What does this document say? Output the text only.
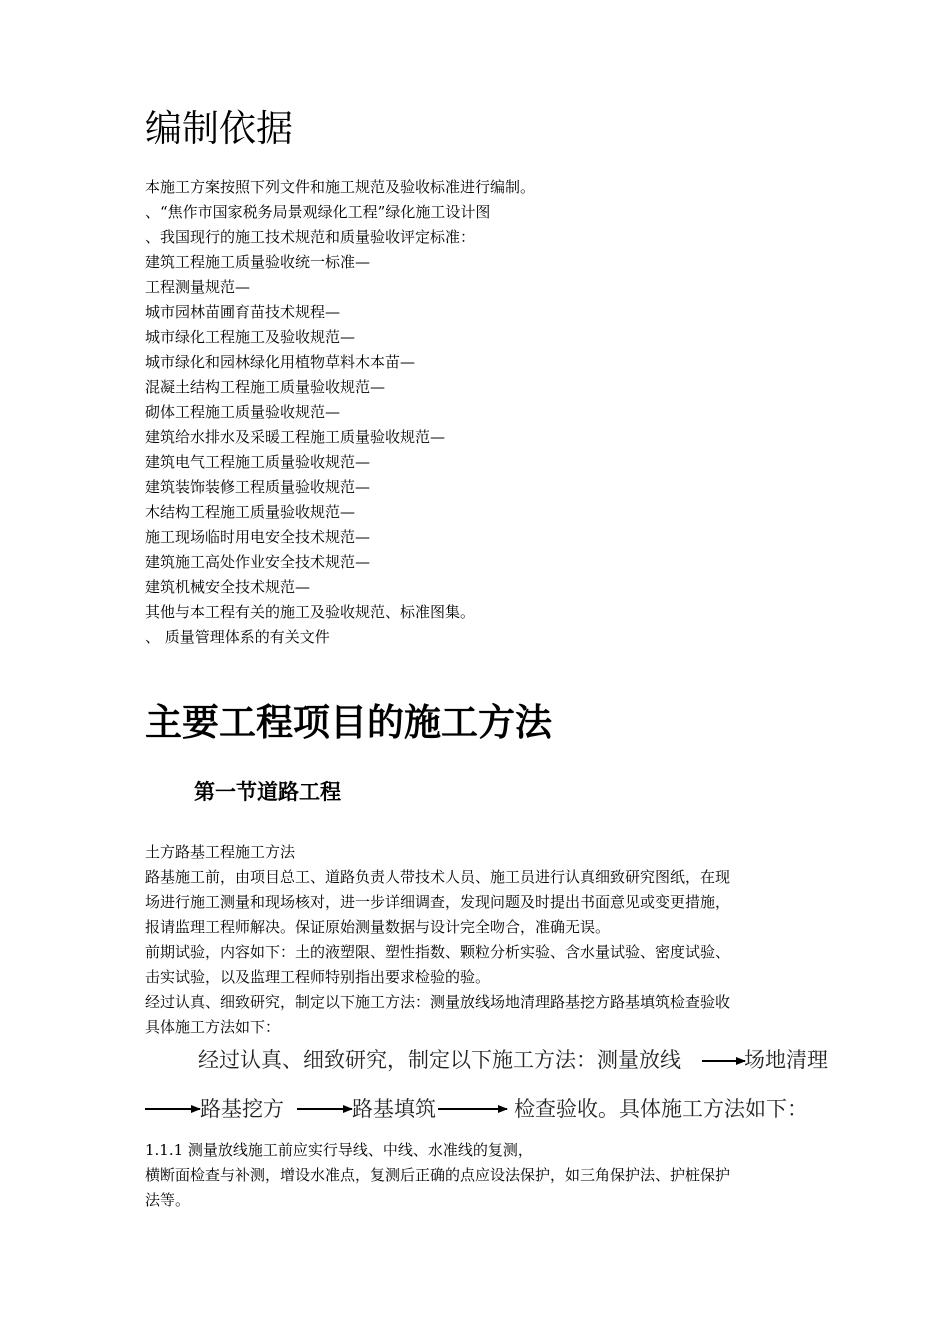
编制依据
本施工方案按照下列文件和施工规范及验收标准进行编制。
、“焦作市国家税务局景观绿化工程”绿化施工设计图
、我国现行的施工技术规范和质量验收评定标准：
建筑工程施工质量验收统一标准—
工程测量规范—
城市园林苗圃育苗技术规程—
城市绿化工程施工及验收规范—
城市绿化和园林绿化用植物草料木本苗—
混凝土结构工程施工质量验收规范—
砌体工程施工质量验收规范—
建筑给水排水及采暖工程施工质量验收规范—
建筑电气工程施工质量验收规范—
建筑装饰装修工程质量验收规范—
木结构工程施工质量验收规范—
施工现场临时用电安全技术规范—
建筑施工高处作业安全技术规范—
建筑机械安全技术规范—
其他与本工程有关的施工及验收规范、标准图集。
、 质量管理体系的有关文件
主要工程项目的施工方法
第一节道路工程
土方路基工程施工方法
路基施工前，由项目总工、道路负责人带技术人员、施工员进行认真细致研究图纸，在现
场进行施工测量和现场核对，进一步详细调查，发现问题及时提出书面意见或变更措施，
报请监理工程师解决。保证原始测量数据与设计完全吻合，准确无误。
前期试验，内容如下：土的液塑限、塑性指数、颗粒分析实验、含水量试验、密度试验、
击实试验，以及监理工程师特别指出要求检验的验。
经过认真、细致研究，制定以下施工方法：测量放线场地清理路基挖方路基填筑检查验收
具体施工方法如下：
经过认真、细致研究，制定以下施工方法：测量放线	场地清理
路基挖方	路基填筑	检查验收。具体施工方法如下：
1.1.1 测量放线施工前应实行导线、中线、水准线的复测，
横断面检查与补测，增设水准点，复测后正确的点应设法保护，如三角保护法、护桩保护
法等。
